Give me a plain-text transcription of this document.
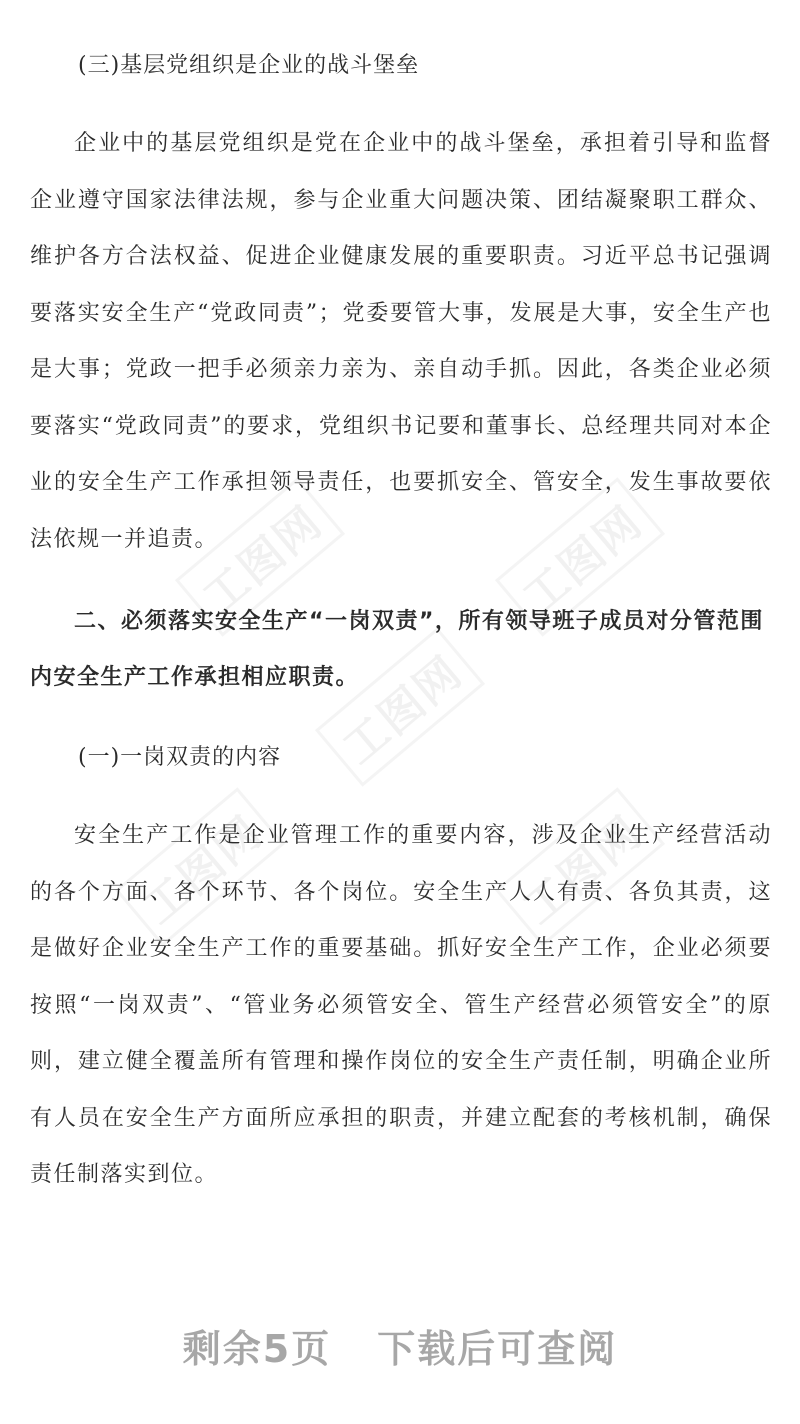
工图网	工图网
工图网
工图网	工图网
(三)基层党组织是企业的战斗堡垒

企业中的基层党组织是党在企业中的战斗堡垒，承担着引导和监督企业遵守国家法律法规，参与企业重大问题决策、团结凝聚职工群众、维护各方合法权益、促进企业健康发展的重要职责。习近平总书记强调要落实安全生产“党政同责”；党委要管大事，发展是大事，安全生产也是大事；党政一把手必须亲力亲为、亲自动手抓。因此，各类企业必须要落实“党政同责”的要求，党组织书记要和董事长、总经理共同对本企业的安全生产工作承担领导责任，也要抓安全、管安全，发生事故要依法依规一并追责。

二、必须落实安全生产“一岗双责”，所有领导班子成员对分管范围内安全生产工作承担相应职责。
(一)一岗双责的内容

安全生产工作是企业管理工作的重要内容，涉及企业生产经营活动的各个方面、各个环节、各个岗位。安全生产人人有责、各负其责，这是做好企业安全生产工作的重要基础。抓好安全生产工作，企业必须要按照“一岗双责”、“管业务必须管安全、管生产经营必须管安全”的原则，建立健全覆盖所有管理和操作岗位的安全生产责任制，明确企业所有人员在安全生产方面所应承担的职责，并建立配套的考核机制，确保责任制落实到位。

剩余5页 下载后可查阅
